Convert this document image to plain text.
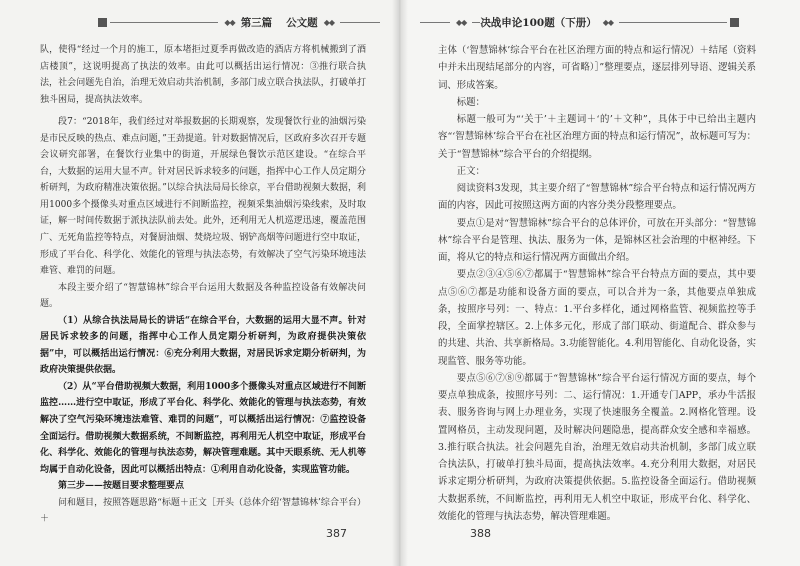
◆◆ 第三篇 公文题 ◆◆

队，使得“经过一个月的施工，原本堵拒过夏季再做改造的酒店方将机械搬到了酒店楼顶”，这说明提高了执法的效率。由此可以概括出运行情况：③推行联合执法，社会问题先自治，治理无效启动共治机制，多部门成立联合执法队，打破单打独斗困局，提高执法效率。

段7：“2018年，我们经过对举报数据的长期观察，发现餐饮行业的油烟污染是市民反映的热点、难点问题，”王劲提道。针对数据情况后，区政府多次召开专题会议研究部署，在餐饮行业集中的街道，开展绿色餐饮示范区建设。“在综合平台，大数据的运用大显不声。针对居民诉求较多的问题，指挥中心工作人员定期分析研判，为政府精准决策依据。”以综合执法局局长徐京，平台借助视频大数据，利用1000多个摄像头对重点区域进行不间断监控，视频采集油烟污染线索，及时取证，解一时间传数据于派执法队前去处。此外，还利用无人机巡逻迅速，覆盖范围广、无死角监控等特点，对餐厨油烟、焚烧垃圾、钢铲高烟等问题进行空中取证，形成了平台化、科学化、效能化的管理与执法态势，有效解决了空气污染环境违法难管、难罚的问题。

本段主要介绍了“智慧锦林”综合平台运用大数据及各种监控设备有效解决问题。

（1）从综合执法局局长的讲话“在综合平台，大数据的运用大显不声。针对居民诉求较多的问题，指挥中心工作人员定期分析研判，为政府提供决策依据”中，可以概括出运行情况：⑥充分利用大数据，对居民诉求定期分析研判，为政府决策提供依据。

（2）从“平台借助视频大数据，利用1000多个摄像头对重点区域进行不间断监控……进行空中取证，形成了平台化、科学化、效能化的管理与执法态势，有效解决了空气污染环境违法难管、难罚的问题”，可以概括出运行情况：⑦监控设备全面运行。借助视频大数据系统，不间断监控，再利用无人机空中取证，形成平台化、科学化、效能化的管理与执法态势，解决管理难题。其中天眼系统、无人机等均属于自动化设备，因此可以概括出特点：①利用自动化设备，实现监管功能。

第三步——按题目要求整理要点

问和题目，按照答题思路“标题＋正文［开头（总体介绍‘智慧锦林’综合平台）＋

387
◆◆ 决战申论100题（下册） ◆◆

主体（‘智慧锦林’综合平台在社区治理方面的特点和运行情况）＋结尾（资料中并未出现结尾部分的内容，可省略）］”整理要点，逐层排列导语、逻辑关系词、形成答案。

标题：

标题一般可为“‘关于’＋主题词＋‘的’＋文种”，具体于中已给出主题内容“‘智慧锦林’综合平台在社区治理方面的特点和运行情况”，故标题可写为：关于“智慧锦林”综合平台的介绍提纲。

正文：

阅读资料3发现，其主要介绍了“智慧锦林”综合平台特点和运行情况两方面的内容，因此可按照这两方面的内容分类分段整理要点。

要点①是对“智慧锦林”综合平台的总体评价，可放在开头部分：“智慧锦林”综合平台是管理、执法、服务为一体，是锦林区社会治理的中枢神经。下面，将从它的特点和运行情况两方面做出介绍。

要点②③④⑤⑥⑦都属于“智慧锦林”综合平台特点方面的要点，其中要点⑤⑥⑦都是功能和设备方面的要点，可以合并为一条，其他要点单独成条，按照序号列：一、特点：1.平台多样化，通过网格监管、视频监控等手段，全面掌控辖区。2.上体多元化，形成了部门联动、街道配合、群众参与的共建、共治、共享新格局。3.功能智能化。4.利用智能化、自动化设备，实现监管、服务等功能。

要点⑤⑥⑦⑧⑨都属于“智慧锦林”综合平台运行情况方面的要点，每个要点单独成条，按照序号列：二、运行情况：1.开通专门APP，承办牛活报表、服务咨询与网上办理业务，实现了快速服务全覆盖。2.网格化管理。设置网格员，主动发现问题，及时解决问题隐患，提高群众安全感和幸福感。3.推行联合执法。社会问题先自治，治理无效启动共治机制，多部门成立联合执法队，打破单打独斗局面，提高执法效率。4.充分利用大数据，对居民诉求定期分析研判，为政府决策提供依据。5.监控设备全面运行。借助视频大数据系统，不间断监控，再利用无人机空中取证，形成平台化、科学化、效能化的管理与执法态势，解决管理难题。

388
